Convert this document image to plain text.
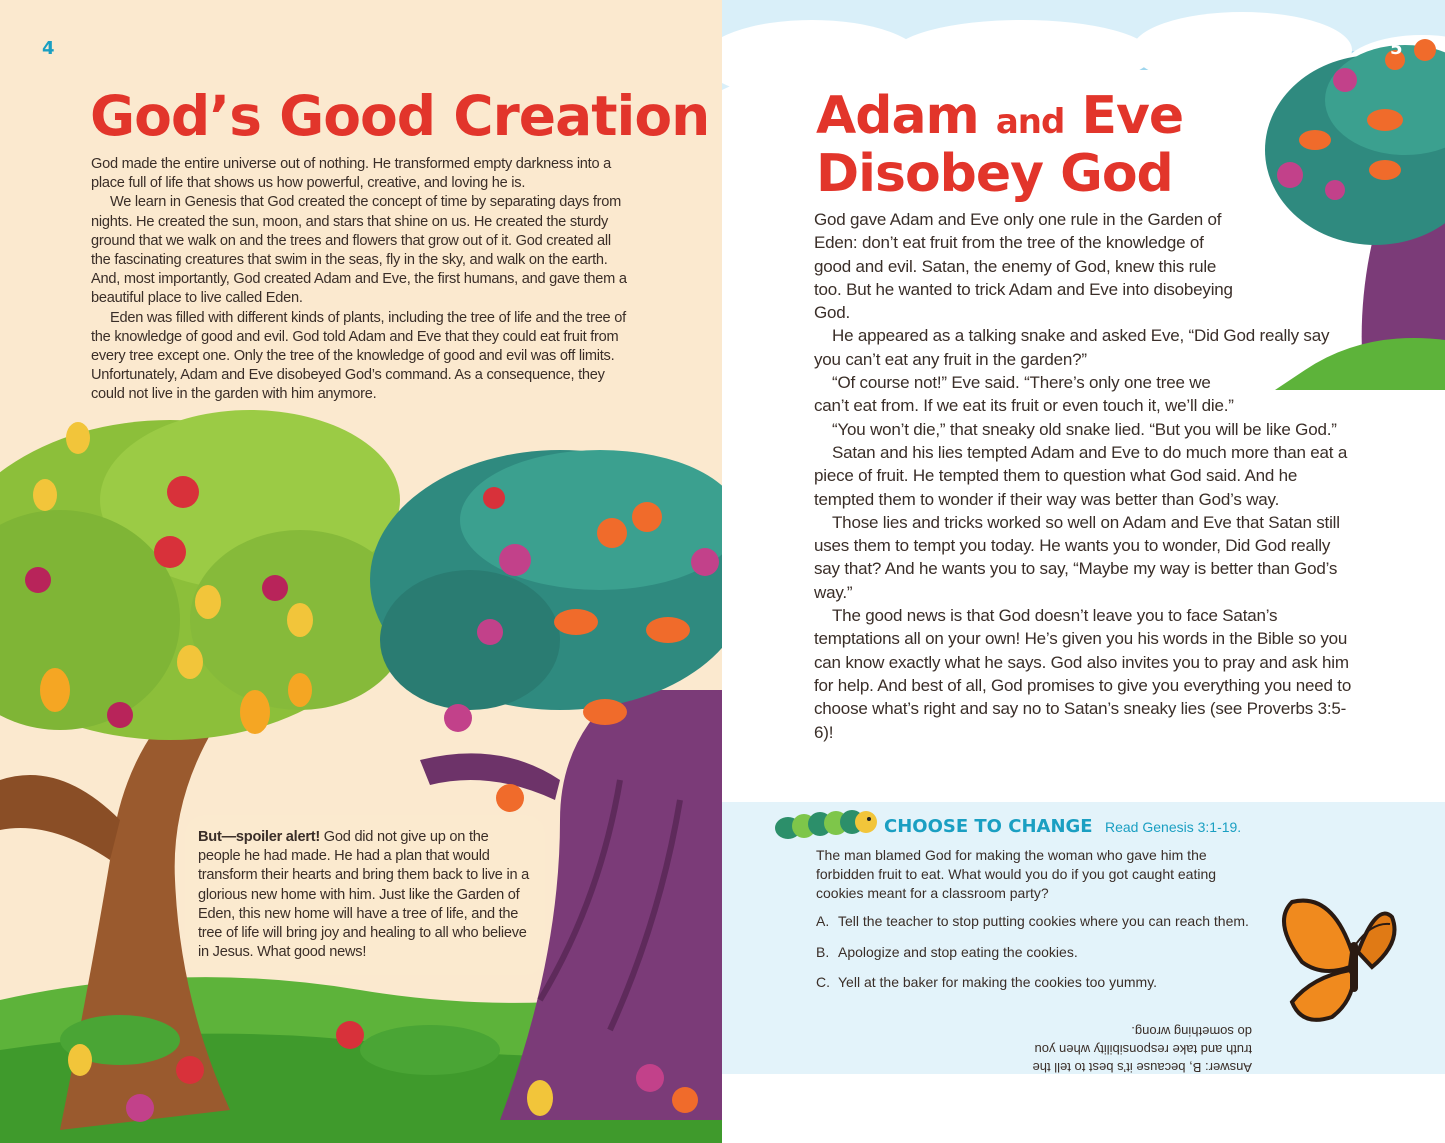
4
God’s Good Creation

God made the entire universe out of nothing. He transformed empty darkness into a place full of life that shows us how powerful, creative, and loving he is.

We learn in Genesis that God created the concept of time by separating days from nights. He created the sun, moon, and stars that shine on us. He created the sturdy ground that we walk on and the trees and flowers that grow out of it. God created all the fascinating creatures that swim in the seas, fly in the sky, and walk on the earth. And, most importantly, God created Adam and Eve, the first humans, and gave them a beautiful place to live called Eden.

Eden was filled with different kinds of plants, including the tree of life and the tree of the knowledge of good and evil. God told Adam and Eve that they could eat fruit from every tree except one. Only the tree of the knowledge of good and evil was off limits. Unfortunately, Adam and Eve disobeyed God’s command. As a consequence, they could not live in the garden with him anymore.

But—spoiler alert! God did not give up on the people he had made. He had a plan that would transform their hearts and bring them back to live in a glorious new home with him. Just like the Garden of Eden, this new home will have a tree of life, and the tree of life will bring joy and healing to all who believe in Jesus. What good news!
5
Adam and Eve
Disobey God

God gave Adam and Eve only one rule in the Garden of Eden: don’t eat fruit from the tree of the knowledge of good and evil. Satan, the enemy of God, knew this rule too. But he wanted to trick Adam and Eve into disobeying God.

He appeared as a talking snake and asked Eve, “Did God really say you can’t eat any fruit in the garden?”

“Of course not!” Eve said. “There’s only one tree we can’t eat from. If we eat its fruit or even touch it, we’ll die.”

“You won’t die,” that sneaky old snake lied. “But you will be like God.”

Satan and his lies tempted Adam and Eve to do much more than eat a piece of fruit. He tempted them to question what God said. And he tempted them to wonder if their way was better than God’s way.

Those lies and tricks worked so well on Adam and Eve that Satan still uses them to tempt you today. He wants you to wonder, Did God really say that? And he wants you to say, “Maybe my way is better than God’s way.”

The good news is that God doesn’t leave you to face Satan’s temptations all on your own! He’s given you his words in the Bible so you can know exactly what he says. God also invites you to pray and ask him for help. And best of all, God promises to give you everything you need to choose what’s right and say no to Satan’s sneaky lies (see Proverbs 3:5-6)!

CHOOSE TO CHANGE Read Genesis 3:1-19.
The man blamed God for making the woman who gave him the forbidden fruit to eat. What would you do if you got caught eating cookies meant for a classroom party?
A. Tell the teacher to stop putting cookies where you can reach them.
B. Apologize and stop eating the cookies.
C. Yell at the baker for making the cookies too yummy.
Answer: B, because it’s best to tell the truth and take responsibility when you do something wrong.
